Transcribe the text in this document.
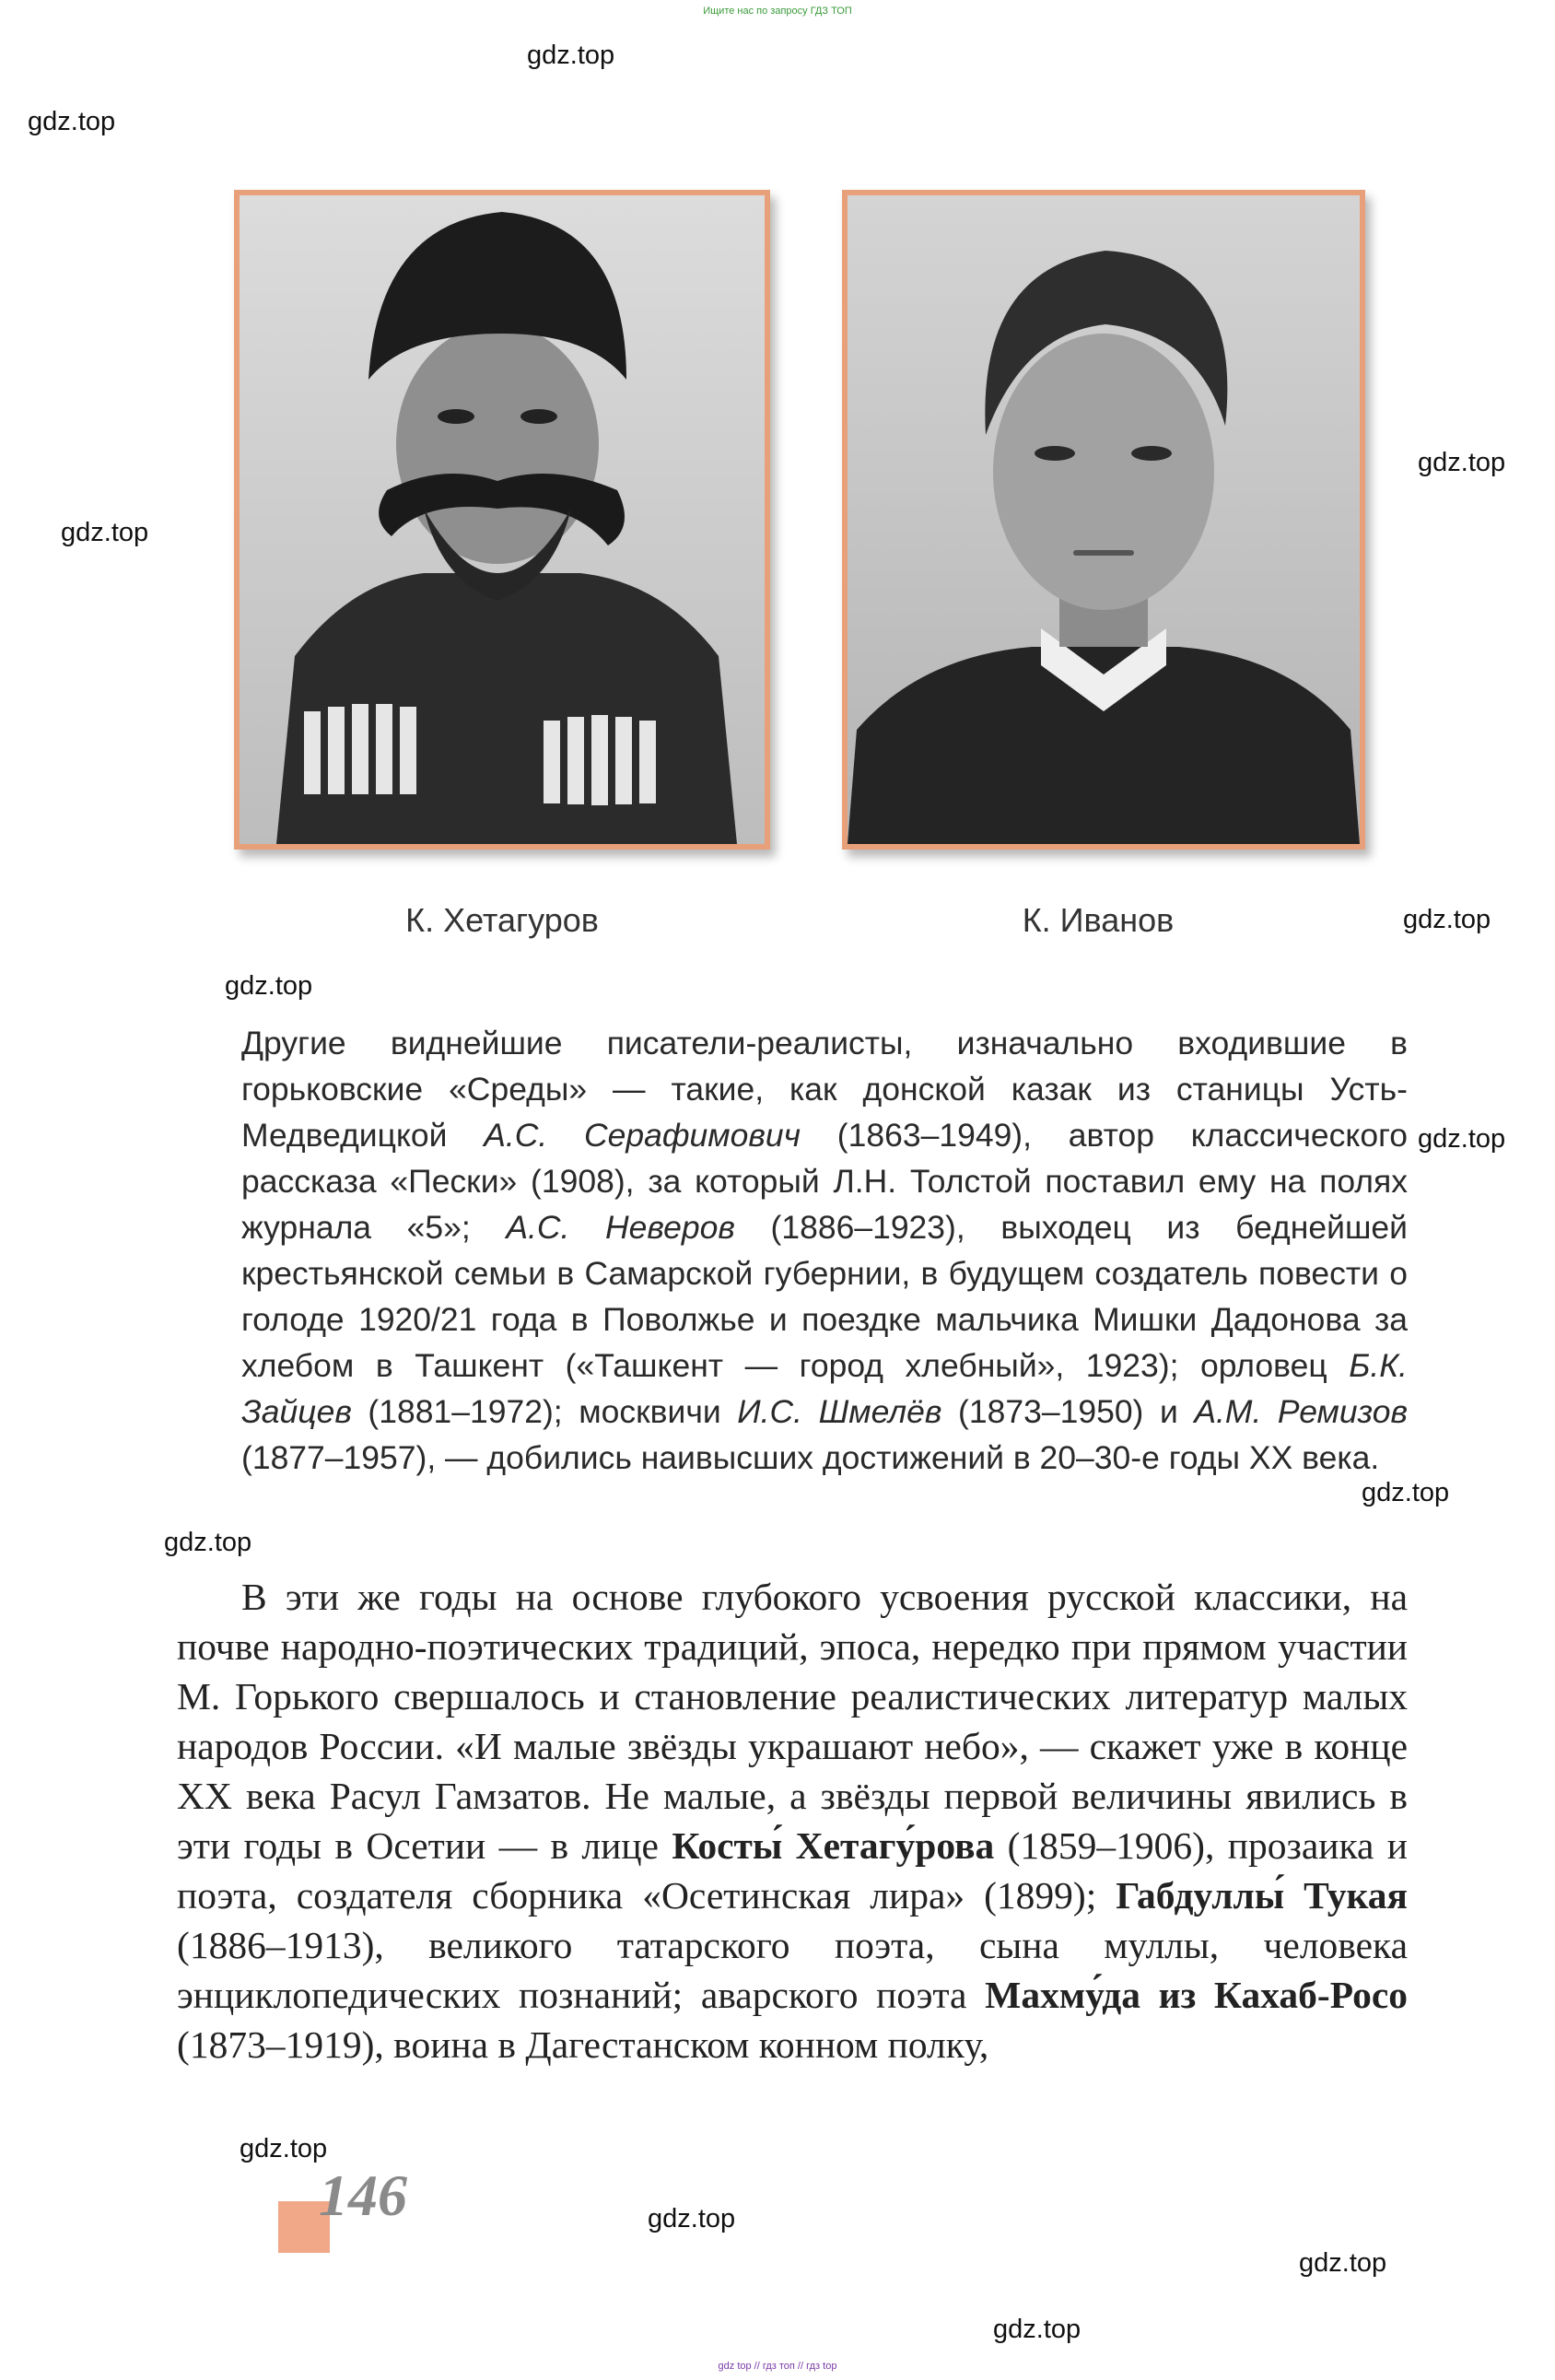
Ищите нас по запросу ГДЗ ТОП
gdz.top
gdz.top
gdz.top
gdz.top
gdz.top
gdz.top
gdz.top
gdz.top
gdz.top
gdz.top
gdz.top
gdz.top
gdz.top
К. Хетагуров	К. Иванов
Другие виднейшие писатели-реалисты, изначально входившие в горьковские «Среды» — такие, как донской казак из станицы Усть-Медведицкой А.С. Серафимович (1863–1949), автор классического рассказа «Пески» (1908), за который Л.Н. Толстой поставил ему на полях журнала «5»; А.С. Неверов (1886–1923), выходец из беднейшей крестьянской семьи в Самарской губернии, в будущем создатель повести о голоде 1920/21 года в Поволжье и поездке мальчика Мишки Дадонова за хлебом в Ташкент («Ташкент — город хлебный», 1923); орловец Б.К. Зайцев (1881–1972); москвичи И.С. Шмелёв (1873–1950) и А.М. Ремизов (1877–1957), — добились наивысших достижений в 20–30-е годы XX века.
В эти же годы на основе глубокого усвоения русской классики, на почве народно-поэтических традиций, эпоса, нередко при прямом участии М. Горького свершалось и становление реалистических литератур малых народов России. «И малые звёзды украшают небо», — скажет уже в конце XX века Расул Гамзатов. Не малые, а звёзды первой величины явились в эти годы в Осетии — в лице Косты́ Хетагу́рова (1859–1906), прозаика и поэта, создателя сборника «Осетинская лира» (1899); Габдуллы́ Тукая (1886–1913), великого татарского поэта, сына муллы, человека энциклопедических познаний; аварского поэта Махму́да из Кахаб-Росо (1873–1919), воина в Дагестанском конном полку,
146
gdz top // гдз топ // гдз top
